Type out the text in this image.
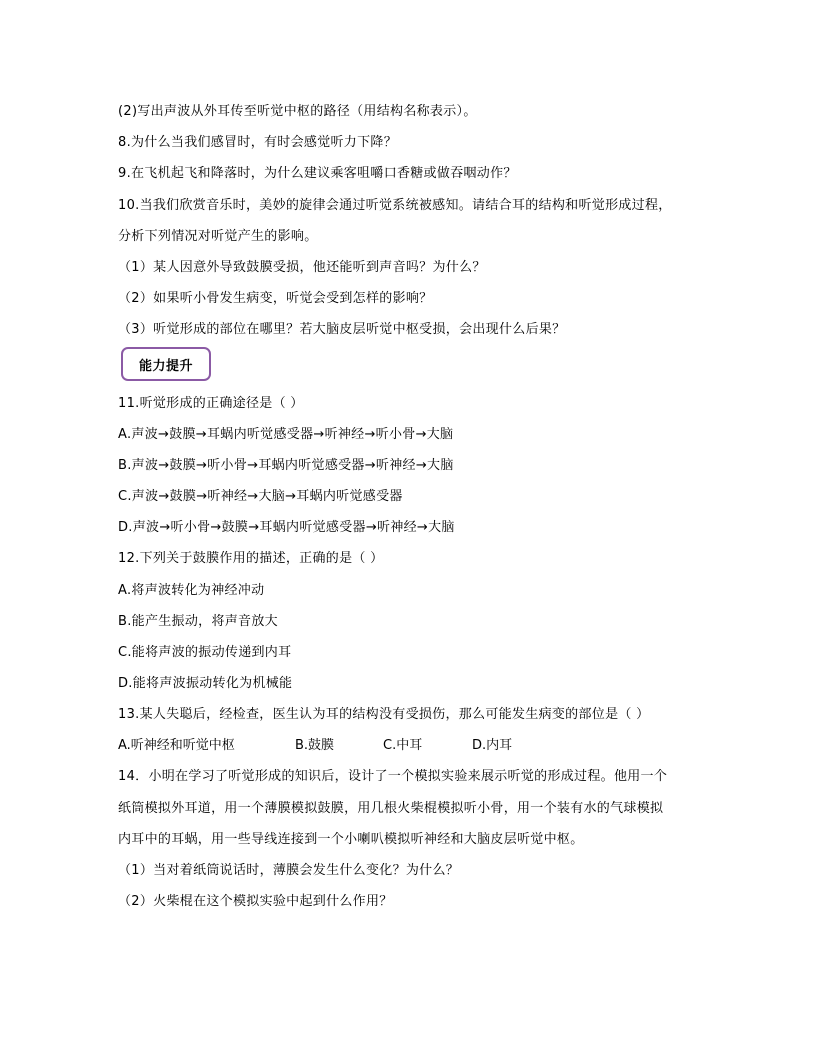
(2)写出声波从外耳传至听觉中枢的路径（用结构名称表示）。
8.为什么当我们感冒时，有时会感觉听力下降？
9.在飞机起飞和降落时，为什么建议乘客咀嚼口香糖或做吞咽动作？
10.当我们欣赏音乐时，美妙的旋律会通过听觉系统被感知。请结合耳的结构和听觉形成过程，
分析下列情况对听觉产生的影响。
（1）某人因意外导致鼓膜受损，他还能听到声音吗？为什么？
（2）如果听小骨发生病变，听觉会受到怎样的影响？
（3）听觉形成的部位在哪里？若大脑皮层听觉中枢受损，会出现什么后果？
能力提升
11.听觉形成的正确途径是（ ）
A.声波→鼓膜→耳蜗内听觉感受器→听神经→听小骨→大脑
B.声波→鼓膜→听小骨→耳蜗内听觉感受器→听神经→大脑
C.声波→鼓膜→听神经→大脑→耳蜗内听觉感受器
D.声波→听小骨→鼓膜→耳蜗内听觉感受器→听神经→大脑
12.下列关于鼓膜作用的描述，正确的是（ ）
A.将声波转化为神经冲动
B.能产生振动，将声音放大
C.能将声波的振动传递到内耳
D.能将声波振动转化为机械能
13.某人失聪后，经检查，医生认为耳的结构没有受损伤，那么可能发生病变的部位是（ ）
A.听神经和听觉中枢	B.鼓膜	C.中耳	D.内耳
14．小明在学习了听觉形成的知识后，设计了一个模拟实验来展示听觉的形成过程。他用一个
纸筒模拟外耳道，用一个薄膜模拟鼓膜，用几根火柴棍模拟听小骨，用一个装有水的气球模拟
内耳中的耳蜗，用一些导线连接到一个小喇叭模拟听神经和大脑皮层听觉中枢。
（1）当对着纸筒说话时，薄膜会发生什么变化？为什么？
（2）火柴棍在这个模拟实验中起到什么作用？
